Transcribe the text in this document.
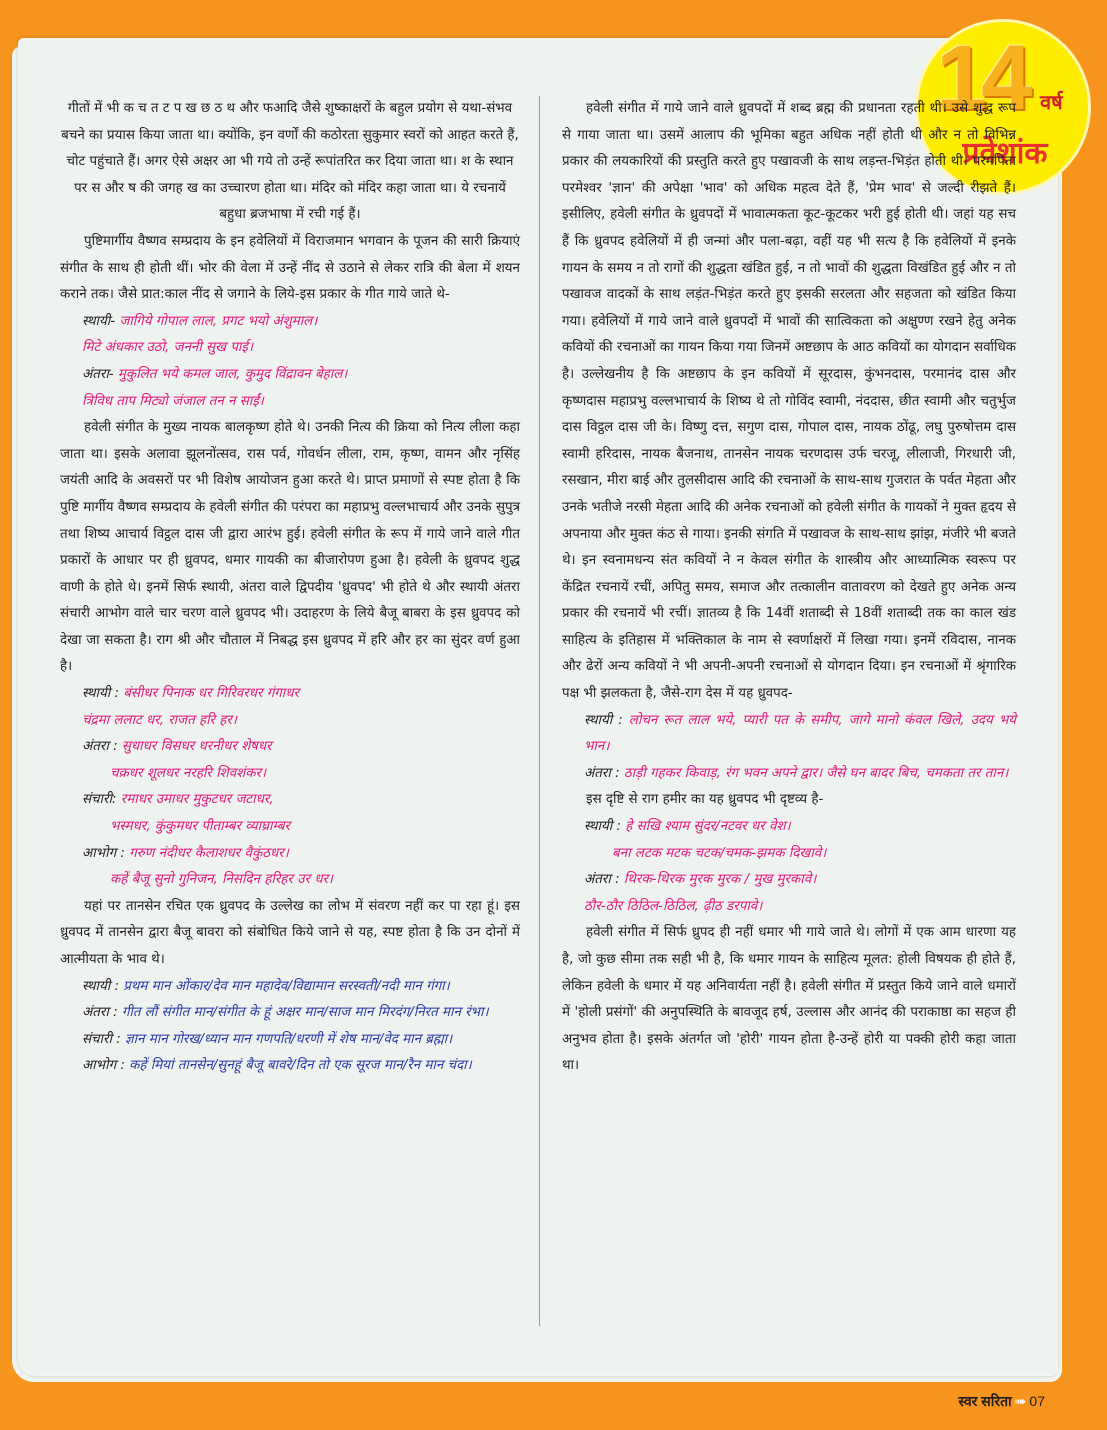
14 वर्ष
प्रवेशांक

गीतों में भी क च त ट प ख छ ठ थ और फआदि जैसे शुष्काक्षरों के बहुल प्रयोग से यथा-संभव बचने का प्रयास किया जाता था। क्योंकि, इन वर्णों की कठोरता सुकुमार स्वरों को आहत करते हैं, चोट पहुंचाते हैं। अगर ऐसे अक्षर आ भी गये तो उन्हें रूपांतरित कर दिया जाता था। श के स्थान पर स और ष की जगह ख का उच्चारण होता था। मंदिर को मंदिर कहा जाता था। ये रचनायें बहुधा ब्रजभाषा में रची गई हैं।

पुष्टिमार्गीय वैष्णव सम्प्रदाय के इन हवेलियों में विराजमान भगवान के पूजन की सारी क्रियाएं संगीत के साथ ही होती थीं। भोर की वेला में उन्हें नींद से उठाने से लेकर रात्रि की बेला में शयन कराने तक। जैसे प्रात:काल नींद से जगाने के लिये-इस प्रकार के गीत गाये जाते थे-

स्थायी- जागिये गोपाल लाल, प्रगट भयो अंशुमाल।

मिटे अंधकार उठो, जननी सुख पाई।

अंतरा- मुकुलित भये कमल जाल, कुमुद विंद्रावन बेहाल।

त्रिविध ताप मिट्यो जंजाल तन न साईं।

हवेली संगीत के मुख्य नायक बालकृष्ण होते थे। उनकी नित्य की क्रिया को नित्य लीला कहा जाता था। इसके अलावा झूलनोंत्सव, रास पर्व, गोवर्धन लीला, राम, कृष्ण, वामन और नृसिंह जयंती आदि के अवसरों पर भी विशेष आयोजन हुआ करते थे। प्राप्त प्रमाणों से स्पष्ट होता है कि पुष्टि मार्गीय वैष्णव सम्प्रदाय के हवेली संगीत की परंपरा का महाप्रभु वल्लभाचार्य और उनके सुपुत्र तथा शिष्य आचार्य विट्ठल दास जी द्वारा आरंभ हुई। हवेली संगीत के रूप में गाये जाने वाले गीत प्रकारों के आधार पर ही ध्रुवपद, धमार गायकी का बीजारोपण हुआ है। हवेली के ध्रुवपद शुद्ध वाणी के होते थे। इनमें सिर्फ स्थायी, अंतरा वाले द्विपदीय 'ध्रुवपद' भी होते थे और स्थायी अंतरा संचारी आभोग वाले चार चरण वाले ध्रुवपद भी। उदाहरण के लिये बैजू बाबरा के इस ध्रुवपद को देखा जा सकता है। राग श्री और चौताल में निबद्ध इस ध्रुवपद में हरि और हर का सुंदर वर्ण हुआ है।

स्थायी : बंसीधर पिनाक धर गिरिवरधर गंगाधर

चंद्रमा ललाट धर, राजत हरि हर।

अंतरा : सुधाधर विसधर धरनीधर शेषधर

चक्रधर शूलधर नरहरि शिवशंकर।

संचारी: रमाधर उमाधर मुकुटधर जटाधर,

भस्मधर, कुंकुमधर पीताम्बर व्याघ्राम्बर

आभोग : गरुण नंदीधर कैलाशधर वैकुंठधर।

कहें बैजू सुनो गुनिजन, निसदिन हरिहर उर धर।

यहां पर तानसेन रचित एक ध्रुवपद के उल्लेख का लोभ में संवरण नहीं कर पा रहा हूं। इस ध्रुवपद में तानसेन द्वारा बैजू बावरा को संबोधित किये जाने से यह, स्पष्ट होता है कि उन दोनों में आत्मीयता के भाव थे।

स्थायी : प्रथम मान ओंकार/देव मान महादेव/विद्यामान सरस्वती/नदी मान गंगा।

अंतरा : गीत लौं संगीत मान/संगीत के हूं अक्षर मान/साज मान मिरदंग/निरत मान रंभा।

संचारी : ज्ञान मान गोरख/ध्यान मान गणपति/धरणी में शेष मान/वेद मान ब्रह्मा।

आभोग : कहें मियां तानसेन/सुनहूं बैजू बावरे/दिन तो एक सूरज मान/रैन मान चंदा।

हवेली संगीत में गाये जाने वाले ध्रुवपदों में शब्द ब्रह्म की प्रधानता रहती थी। उसे शुद्ध रूप से गाया जाता था। उसमें आलाप की भूमिका बहुत अधिक नहीं होती थी और न तो विभिन्न प्रकार की लयकारियों की प्रस्तुति करते हुए पखावजी के साथ लड़न्त-भिड़ंत होती थी। परमपिता परमेश्वर 'ज्ञान' की अपेक्षा 'भाव' को अधिक महत्व देते हैं, 'प्रेम भाव' से जल्दी रीझते हैं। इसीलिए, हवेली संगीत के ध्रुवपदों में भावात्मकता कूट-कूटकर भरी हुई होती थी। जहां यह सच हैं कि ध्रुवपद हवेलियों में ही जन्मां और पला-बढ़ा, वहीं यह भी सत्य है कि हवेलियों में इनके गायन के समय न तो रागों की शुद्धता खंडित हुई, न तो भावों की शुद्धता विखंडित हुई और न तो पखावज वादकों के साथ लड़ंत-भिड़ंत करते हुए इसकी सरलता और सहजता को खंडित किया गया। हवेलियों में गाये जाने वाले ध्रुवपदों में भावों की सात्विकता को अक्षुण्ण रखने हेतु अनेक कवियों की रचनाओं का गायन किया गया जिनमें अष्टछाप के आठ कवियों का योगदान सर्वाधिक है। उल्लेखनीय है कि अष्टछाप के इन कवियों में सूरदास, कुंभनदास, परमानंद दास और कृष्णदास महाप्रभु वल्लभाचार्य के शिष्य थे तो गोविंद स्वामी, नंददास, छीत स्वामी और चतुर्भुज दास विट्ठल दास जी के। विष्णु दत्त, सगुण दास, गोपाल दास, नायक ठोंढू, लघु पुरुषोत्तम दास स्वामी हरिदास, नायक बैजनाथ, तानसेन नायक चरणदास उर्फ चरजू, लीलाजी, गिरधारी जी, रसखान, मीरा बाई और तुलसीदास आदि की रचनाओं के साथ-साथ गुजरात के पर्वत मेहता और उनके भतीजे नरसी मेहता आदि की अनेक रचनाओं को हवेली संगीत के गायकों ने मुक्त हृदय से अपनाया और मुक्त कंठ से गाया। इनकी संगति में पखावज के साथ-साथ झांझ, मंजीरे भी बजते थे। इन स्वनामधन्य संत कवियों ने न केवल संगीत के शास्त्रीय और आध्यात्मिक स्वरूप पर केंद्रित रचनायें रचीं, अपितु समय, समाज और तत्कालीन वातावरण को देखते हुए अनेक अन्य प्रकार की रचनायें भी रचीं। ज्ञातव्य है कि 14वीं शताब्दी से 18वीं शताब्दी तक का काल खंड साहित्य के इतिहास में भक्तिकाल के नाम से स्वर्णाक्षरों में लिखा गया। इनमें रविदास, नानक और ढेरों अन्य कवियों ने भी अपनी-अपनी रचनाओं से योगदान दिया। इन रचनाओं में श्रृंगारिक पक्ष भी झलकता है, जैसे-राग देस में यह ध्रुवपद-

स्थायी : लोचन रूत लाल भये, प्यारी पत के समीप, जागे मानो कंवल खिले, उदय भये भान।

अंतरा : ठाड़ी गहकर किवाड़, रंग भवन अपने द्वार। जैसे घन बादर बिच, चमकता तर तान।

इस दृष्टि से राग हमीर का यह ध्रुवपद भी दृष्टव्य है-

स्थायी : हे सखि श्याम सुंदर/नटवर धर वेश।

बना लटक मटक चटक/चमक-झमक दिखावे।

अंतरा : थिरक-थिरक मुरक मुरक / मुख मुरकावे।

ठौर-ठौर ठिठिल-ठिठिल, ढ़ीठ डरपावे।

हवेली संगीत में सिर्फ ध्रुपद ही नहीं धमार भी गाये जाते थे। लोगों में एक आम धारणा यह है, जो कुछ सीमा तक सही भी है, कि धमार गायन के साहित्य मूलत: होली विषयक ही होते हैं, लेकिन हवेली के धमार में यह अनिवार्यता नहीं है। हवेली संगीत में प्रस्तुत किये जाने वाले धमारों में 'होली प्रसंगों' की अनुपस्थिति के बावजूद हर्ष, उल्लास और आनंद की पराकाष्ठा का सहज ही अनुभव होता है। इसके अंतर्गत जो 'होरी' गायन होता है-उन्हें होरी या पक्की होरी कहा जाता था।

स्वर सरिता ➠ 07
